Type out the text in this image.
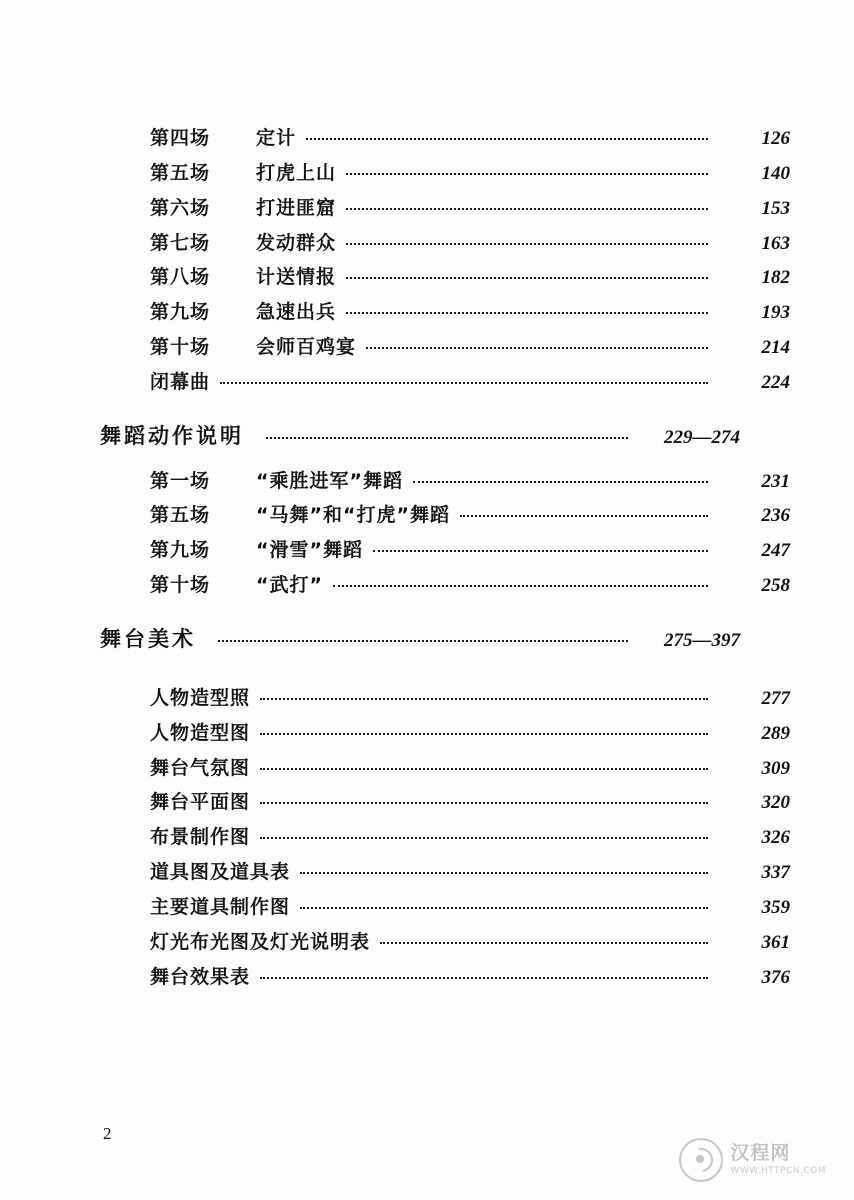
第四场	定计	126
第五场	打虎上山	140
第六场	打进匪窟	153
第七场	发动群众	163
第八场	计送情报	182
第九场	急速出兵	193
第十场	会师百鸡宴	214
闭幕曲	224
舞蹈动作说明	229—274
第一场	“乘胜进军”舞蹈	231
第五场	“马舞”和“打虎”舞蹈	236
第九场	“滑雪”舞蹈	247
第十场	“武打”	258
舞台美术	275—397
人物造型照	277
人物造型图	289
舞台气氛图	309
舞台平面图	320
布景制作图	326
道具图及道具表	337
主要道具制作图	359
灯光布光图及灯光说明表	361
舞台效果表	376
2
汉程网
WWW.HTTPCN.COM
